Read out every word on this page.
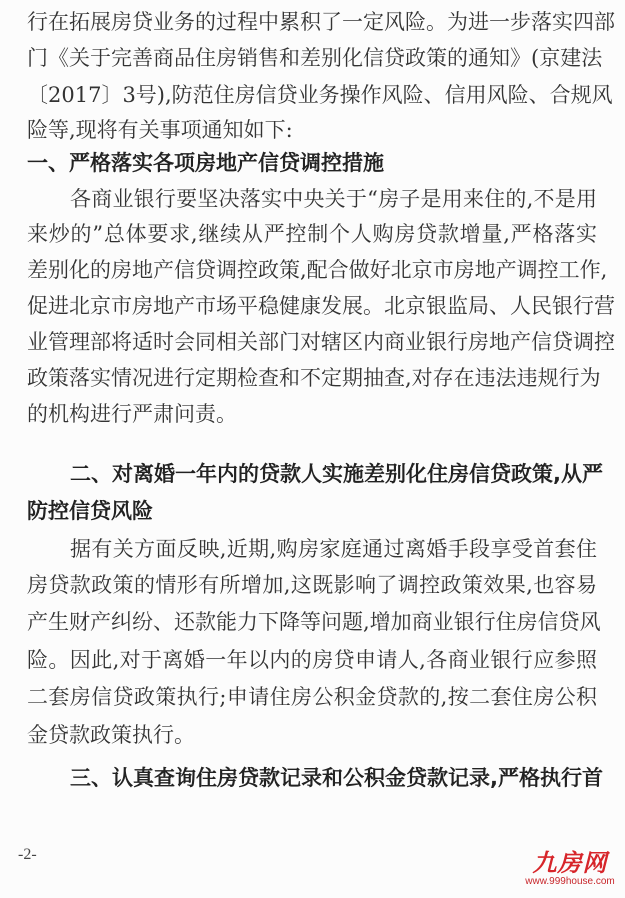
行在拓展房贷业务的过程中累积了一定风险。为进一步落实四部
门《关于完善商品住房销售和差别化信贷政策的通知》(京建法
〔2017〕3号),防范住房信贷业务操作风险、信用风险、合规风
险等,现将有关事项通知如下:
一、严格落实各项房地产信贷调控措施
各商业银行要坚决落实中央关于“房子是用来住的,不是用
来炒的”总体要求,继续从严控制个人购房贷款增量,严格落实
差别化的房地产信贷调控政策,配合做好北京市房地产调控工作,
促进北京市房地产市场平稳健康发展。北京银监局、人民银行营
业管理部将适时会同相关部门对辖区内商业银行房地产信贷调控
政策落实情况进行定期检查和不定期抽查,对存在违法违规行为
的机构进行严肃问责。
二、对离婚一年内的贷款人实施差别化住房信贷政策,从严
防控信贷风险
据有关方面反映,近期,购房家庭通过离婚手段享受首套住
房贷款政策的情形有所增加,这既影响了调控政策效果,也容易
产生财产纠纷、还款能力下降等问题,增加商业银行住房信贷风
险。因此,对于离婚一年以内的房贷申请人,各商业银行应参照
二套房信贷政策执行;申请住房公积金贷款的,按二套住房公积
金贷款政策执行。
三、认真查询住房贷款记录和公积金贷款记录,严格执行首
-2-	九房网
www.999house.com
